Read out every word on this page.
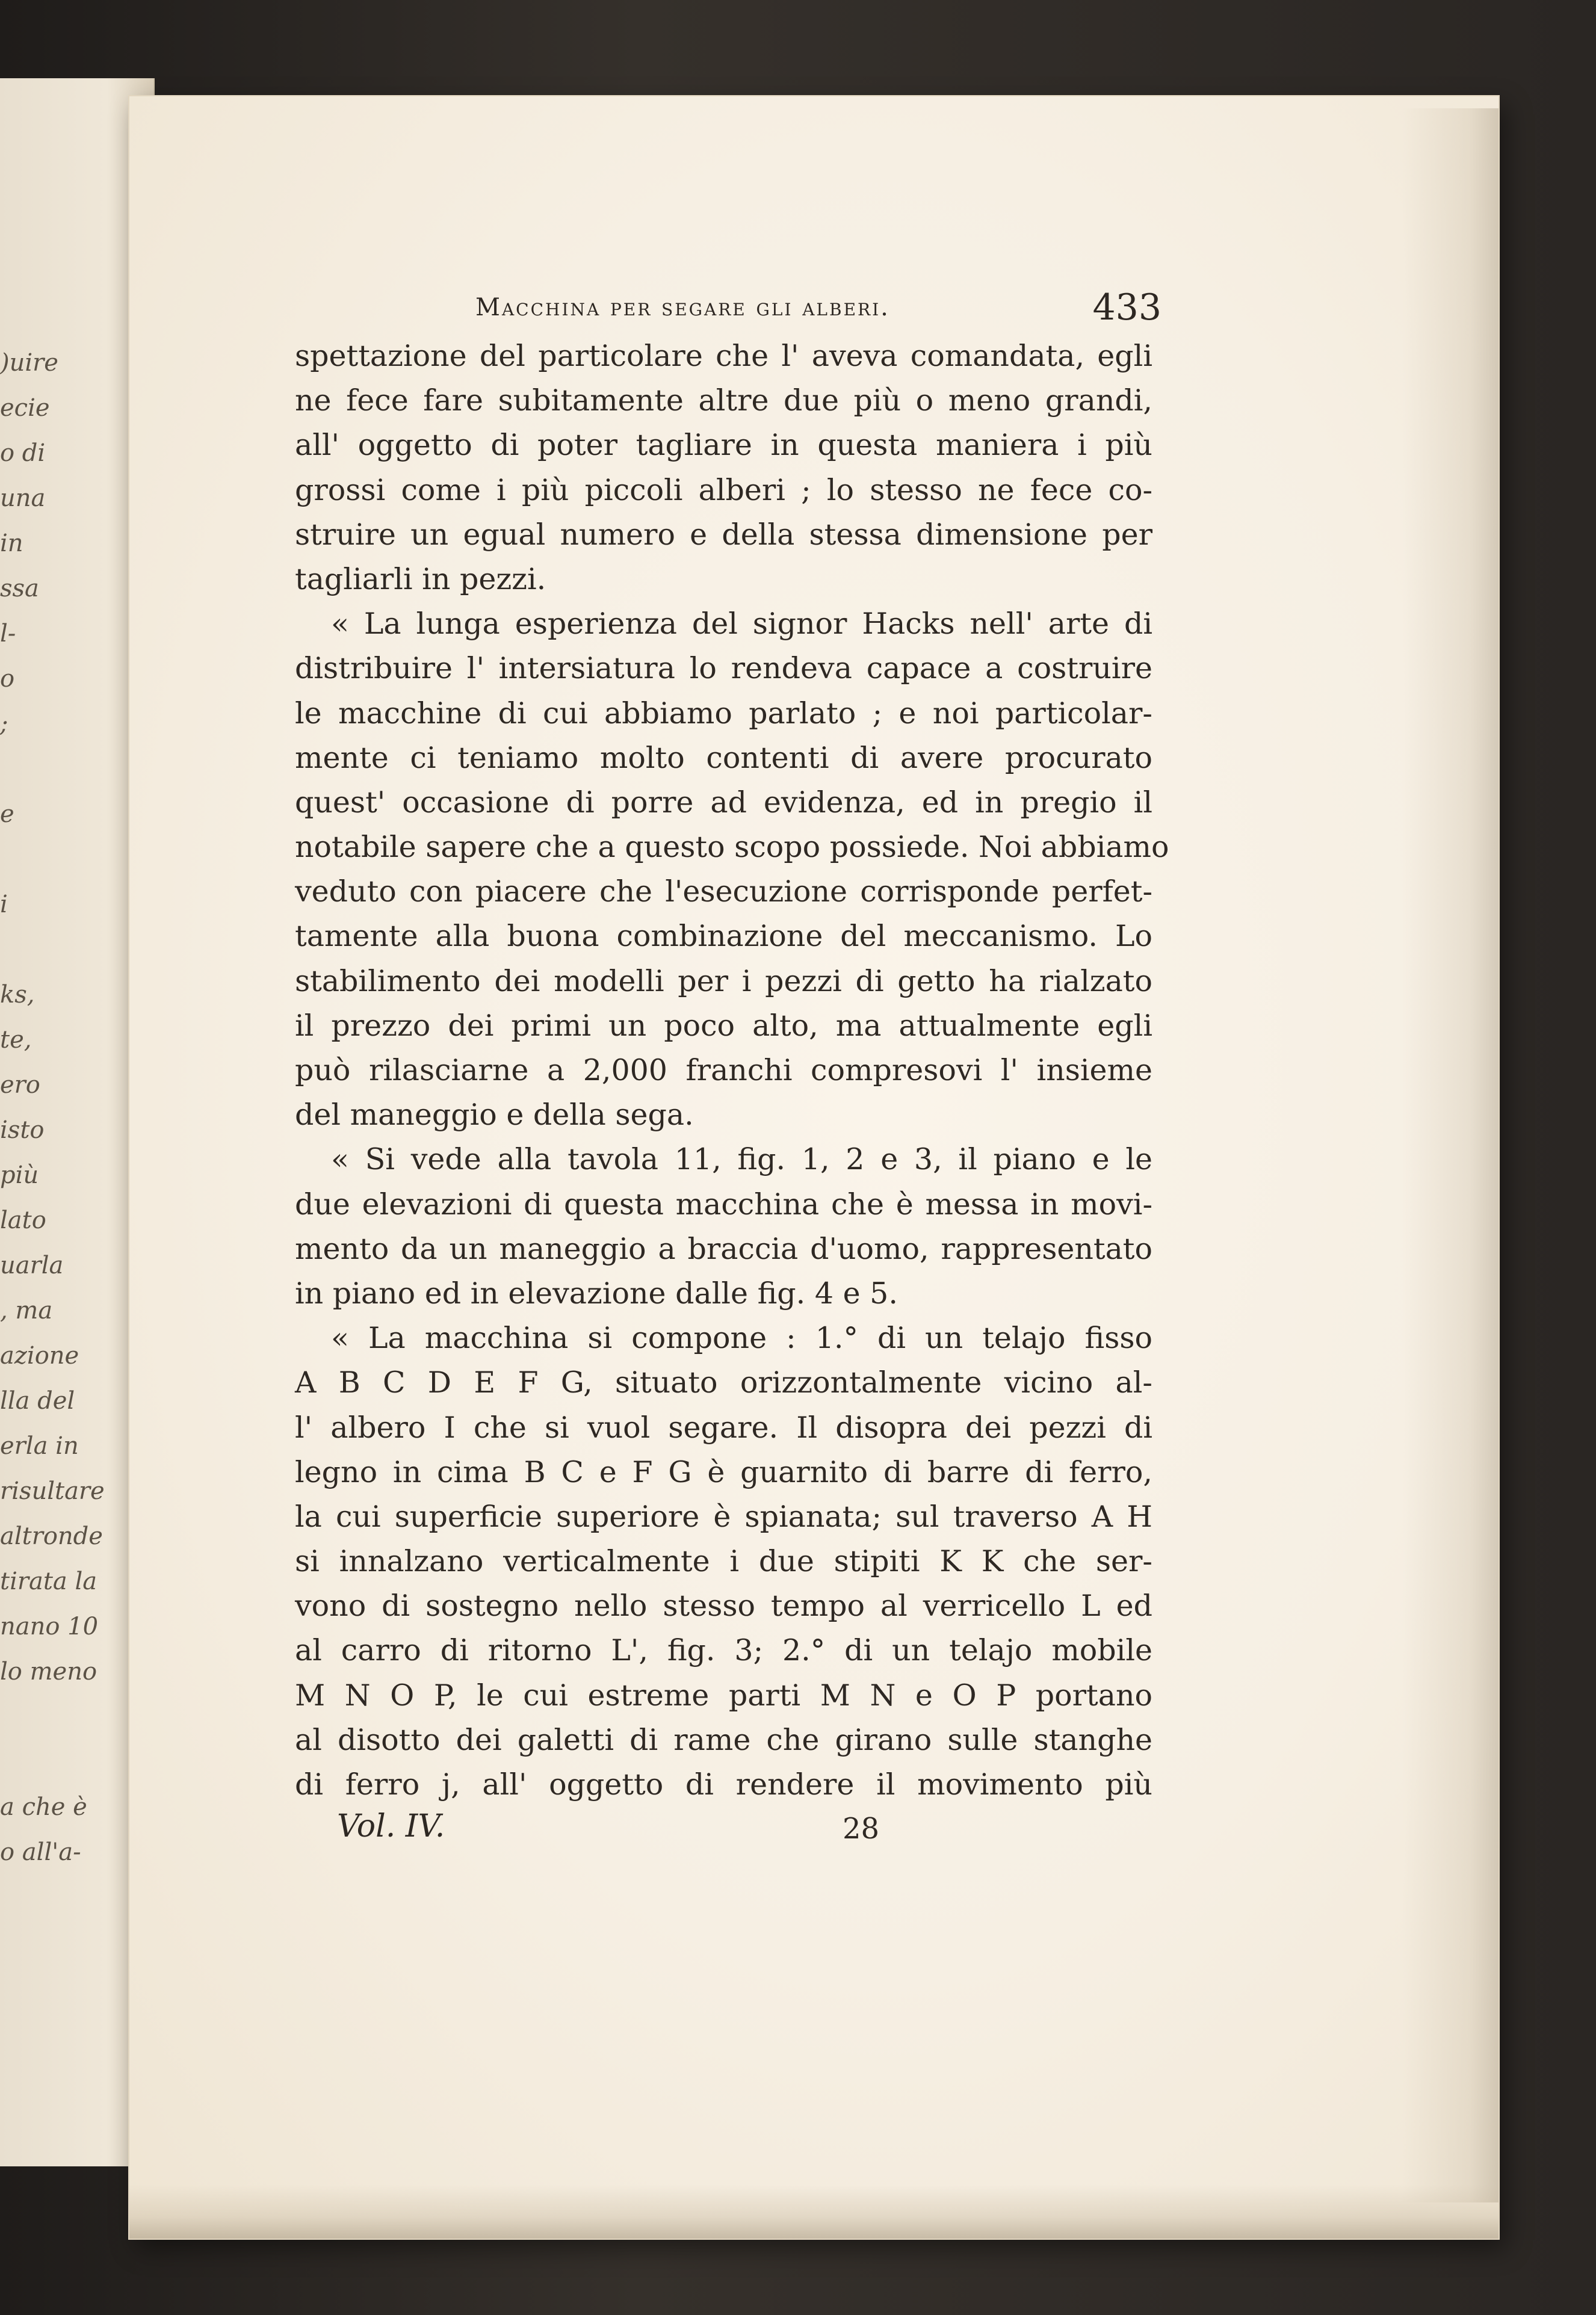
)uire
ecie
o di
una
in
ssa
l-
o
;
e
i
ks,
te,
ero
isto
più
lato
uarla
, ma
azione
lla del
erla in
risultare
altronde
tirata la
nano 10
lo meno
a che è
o all'a-
Macchina per segare gli alberi.	433
spettazione del particolare che l' aveva comandata, egli
ne fece fare subitamente altre due più o meno grandi,
all' oggetto di poter tagliare in questa maniera i più
grossi come i più piccoli alberi ; lo stesso ne fece co-
struire un egual numero e della stessa dimensione per
tagliarli in pezzi.
« La lunga esperienza del signor Hacks nell' arte di
distribuire l' intersiatura lo rendeva capace a costruire
le macchine di cui abbiamo parlato ; e noi particolar-
mente ci teniamo molto contenti di avere procurato
quest' occasione di porre ad evidenza, ed in pregio il
notabile sapere che a questo scopo possiede. Noi abbiamo
veduto con piacere che l'esecuzione corrisponde perfet-
tamente alla buona combinazione del meccanismo. Lo
stabilimento dei modelli per i pezzi di getto ha rialzato
il prezzo dei primi un poco alto, ma attualmente egli
può rilasciarne a 2,000 franchi compresovi l' insieme
del maneggio e della sega.
« Si vede alla tavola 11, fig. 1, 2 e 3, il piano e le
due elevazioni di questa macchina che è messa in movi-
mento da un maneggio a braccia d'uomo, rappresentato
in piano ed in elevazione dalle fig. 4 e 5.
« La macchina si compone : 1.° di un telajo fisso
A B C D E F G, situato orizzontalmente vicino al-
l' albero I che si vuol segare. Il disopra dei pezzi di
legno in cima B C e F G è guarnito di barre di ferro,
la cui superficie superiore è spianata; sul traverso A H
si innalzano verticalmente i due stipiti K K che ser-
vono di sostegno nello stesso tempo al verricello L ed
al carro di ritorno L', fig. 3; 2.° di un telajo mobile
M N O P, le cui estreme parti M N e O P portano
al disotto dei galetti di rame che girano sulle stanghe
di ferro j, all' oggetto di rendere il movimento più
Vol. IV.	28
